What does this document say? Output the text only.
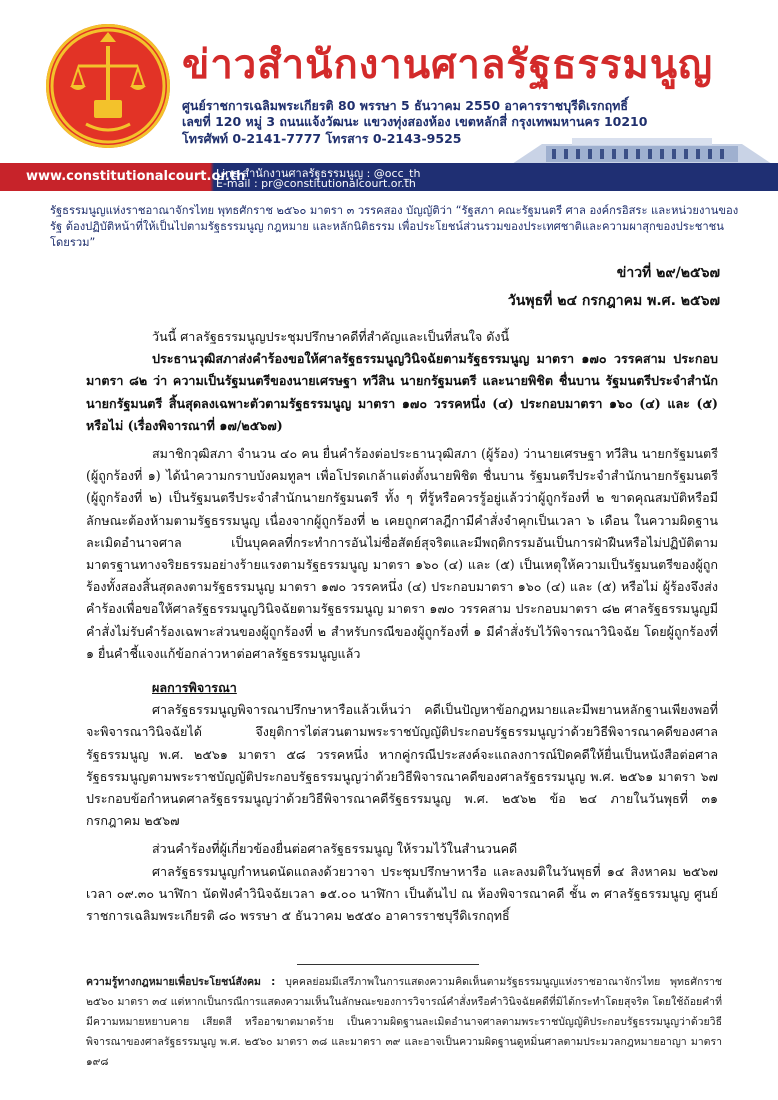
ข่าวสำนักงานศาลรัฐธรรมนูญ
ศูนย์ราชการเฉลิมพระเกียรติ 80 พรรษา 5 ธันวาคม 2550 อาคารราชบุรีดิเรกฤทธิ์
เลขที่ 120 หมู่ 3 ถนนแจ้งวัฒนะ แขวงทุ่งสองห้อง เขตหลักสี่ กรุงเทพมหานคร 10210
โทรศัพท์ 0-2141-7777 โทรสาร 0-2143-9525
www.constitutionalcourt.or.th
Line สำนักงานศาลรัฐธรรมนูญ : @occ_th
E-mail : pr@constitutionalcourt.or.th
รัฐธรรมนูญแห่งราชอาณาจักรไทย พุทธศักราช ๒๕๖๐ มาตรา ๓ วรรคสอง บัญญัติว่า “รัฐสภา คณะรัฐมนตรี ศาล องค์กรอิสระ และหน่วยงานของรัฐ ต้องปฏิบัติหน้าที่ให้เป็นไปตามรัฐธรรมนูญ กฎหมาย และหลักนิติธรรม เพื่อประโยชน์ส่วนรวมของประเทศชาติและความผาสุกของประชาชนโดยรวม”
ข่าวที่ ๒๙/๒๕๖๗
วันพุธที่ ๒๔ กรกฎาคม พ.ศ. ๒๕๖๗

วันนี้ ศาลรัฐธรรมนูญประชุมปรึกษาคดีที่สำคัญและเป็นที่สนใจ ดังนี้

ประธานวุฒิสภาส่งคำร้องขอให้ศาลรัฐธรรมนูญวินิจฉัยตามรัฐธรรมนูญ มาตรา ๑๗๐ วรรคสาม ประกอบมาตรา ๘๒ ว่า ความเป็นรัฐมนตรีของนายเศรษฐา ทวีสิน นายกรัฐมนตรี และนายพิชิต ชื่นบาน รัฐมนตรีประจำสำนักนายกรัฐมนตรี สิ้นสุดลงเฉพาะตัวตามรัฐธรรมนูญ มาตรา ๑๗๐ วรรคหนึ่ง (๔) ประกอบมาตรา ๑๖๐ (๔) และ (๕) หรือไม่ (เรื่องพิจารณาที่ ๑๗/๒๕๖๗)

สมาชิกวุฒิสภา จำนวน ๔๐ คน ยื่นคำร้องต่อประธานวุฒิสภา (ผู้ร้อง) ว่านายเศรษฐา ทวีสิน นายกรัฐมนตรี (ผู้ถูกร้องที่ ๑) ได้นำความกราบบังคมทูลฯ เพื่อโปรดเกล้าแต่งตั้งนายพิชิต ชื่นบาน รัฐมนตรีประจำสำนักนายกรัฐมนตรี (ผู้ถูกร้องที่ ๒) เป็นรัฐมนตรีประจำสำนักนายกรัฐมนตรี ทั้ง ๆ ที่รู้หรือควรรู้อยู่แล้วว่าผู้ถูกร้องที่ ๒ ขาดคุณสมบัติหรือมีลักษณะต้องห้ามตามรัฐธรรมนูญ เนื่องจากผู้ถูกร้องที่ ๒ เคยถูกศาลฎีกามีคำสั่งจำคุกเป็นเวลา ๖ เดือน ในความผิดฐานละเมิดอำนาจศาล เป็นบุคคลที่กระทำการอันไม่ซื่อสัตย์สุจริตและมีพฤติกรรมอันเป็นการฝ่าฝืนหรือไม่ปฏิบัติตามมาตรฐานทางจริยธรรมอย่างร้ายแรงตามรัฐธรรมนูญ มาตรา ๑๖๐ (๔) และ (๕) เป็นเหตุให้ความเป็นรัฐมนตรีของผู้ถูกร้องทั้งสองสิ้นสุดลงตามรัฐธรรมนูญ มาตรา ๑๗๐ วรรคหนึ่ง (๔) ประกอบมาตรา ๑๖๐ (๔) และ (๕) หรือไม่ ผู้ร้องจึงส่งคำร้องเพื่อขอให้ศาลรัฐธรรมนูญวินิจฉัยตามรัฐธรรมนูญ มาตรา ๑๗๐ วรรคสาม ประกอบมาตรา ๘๒ ศาลรัฐธรรมนูญมีคำสั่งไม่รับคำร้องเฉพาะส่วนของผู้ถูกร้องที่ ๒ สำหรับกรณีของผู้ถูกร้องที่ ๑ มีคำสั่งรับไว้พิจารณาวินิจฉัย โดยผู้ถูกร้องที่ ๑ ยื่นคำชี้แจงแก้ข้อกล่าวหาต่อศาลรัฐธรรมนูญแล้ว

ผลการพิจารณา

ศาลรัฐธรรมนูญพิจารณาปรึกษาหารือแล้วเห็นว่า คดีเป็นปัญหาข้อกฎหมายและมีพยานหลักฐานเพียงพอที่จะพิจารณาวินิจฉัยได้ จึงยุติการไต่สวนตามพระราชบัญญัติประกอบรัฐธรรมนูญว่าด้วยวิธีพิจารณาคดีของศาลรัฐธรรมนูญ พ.ศ. ๒๕๖๑ มาตรา ๕๘ วรรคหนึ่ง หากคู่กรณีประสงค์จะแถลงการณ์ปิดคดีให้ยื่นเป็นหนังสือต่อศาลรัฐธรรมนูญตามพระราชบัญญัติประกอบรัฐธรรมนูญว่าด้วยวิธีพิจารณาคดีของศาลรัฐธรรมนูญ พ.ศ. ๒๕๖๑ มาตรา ๖๗ ประกอบข้อกำหนดศาลรัฐธรรมนูญว่าด้วยวิธีพิจารณาคดีรัฐธรรมนูญ พ.ศ. ๒๕๖๒ ข้อ ๒๔ ภายในวันพุธที่ ๓๑ กรกฎาคม ๒๕๖๗

ส่วนคำร้องที่ผู้เกี่ยวข้องยื่นต่อศาลรัฐธรรมนูญ ให้รวมไว้ในสำนวนคดี

ศาลรัฐธรรมนูญกำหนดนัดแถลงด้วยวาจา ประชุมปรึกษาหารือ และลงมติในวันพุธที่ ๑๔ สิงหาคม ๒๕๖๗ เวลา ๐๙.๓๐ นาฬิกา นัดฟังคำวินิจฉัยเวลา ๑๕.๐๐ นาฬิกา เป็นต้นไป ณ ห้องพิจารณาคดี ชั้น ๓ ศาลรัฐธรรมนูญ ศูนย์ราชการเฉลิมพระเกียรติ ๘๐ พรรษา ๕ ธันวาคม ๒๕๕๐ อาคารราชบุรีดิเรกฤทธิ์

ความรู้ทางกฎหมายเพื่อประโยชน์สังคม : บุคคลย่อมมีเสรีภาพในการแสดงความคิดเห็นตามรัฐธรรมนูญแห่งราชอาณาจักรไทย พุทธศักราช ๒๕๖๐ มาตรา ๓๔ แต่หากเป็นกรณีการแสดงความเห็นในลักษณะของการวิจารณ์คำสั่งหรือคำวินิจฉัยคดีที่มิได้กระทำโดยสุจริต โดยใช้ถ้อยคำที่มีความหมายหยาบคาย เสียดสี หรืออาฆาตมาดร้าย เป็นความผิดฐานละเมิดอำนาจศาลตามพระราชบัญญัติประกอบรัฐธรรมนูญว่าด้วยวิธีพิจารณาของศาลรัฐธรรมนูญ พ.ศ. ๒๕๖๐ มาตรา ๓๘ และมาตรา ๓๙ และอาจเป็นความผิดฐานดูหมิ่นศาลตามประมวลกฎหมายอาญา มาตรา ๑๙๘
